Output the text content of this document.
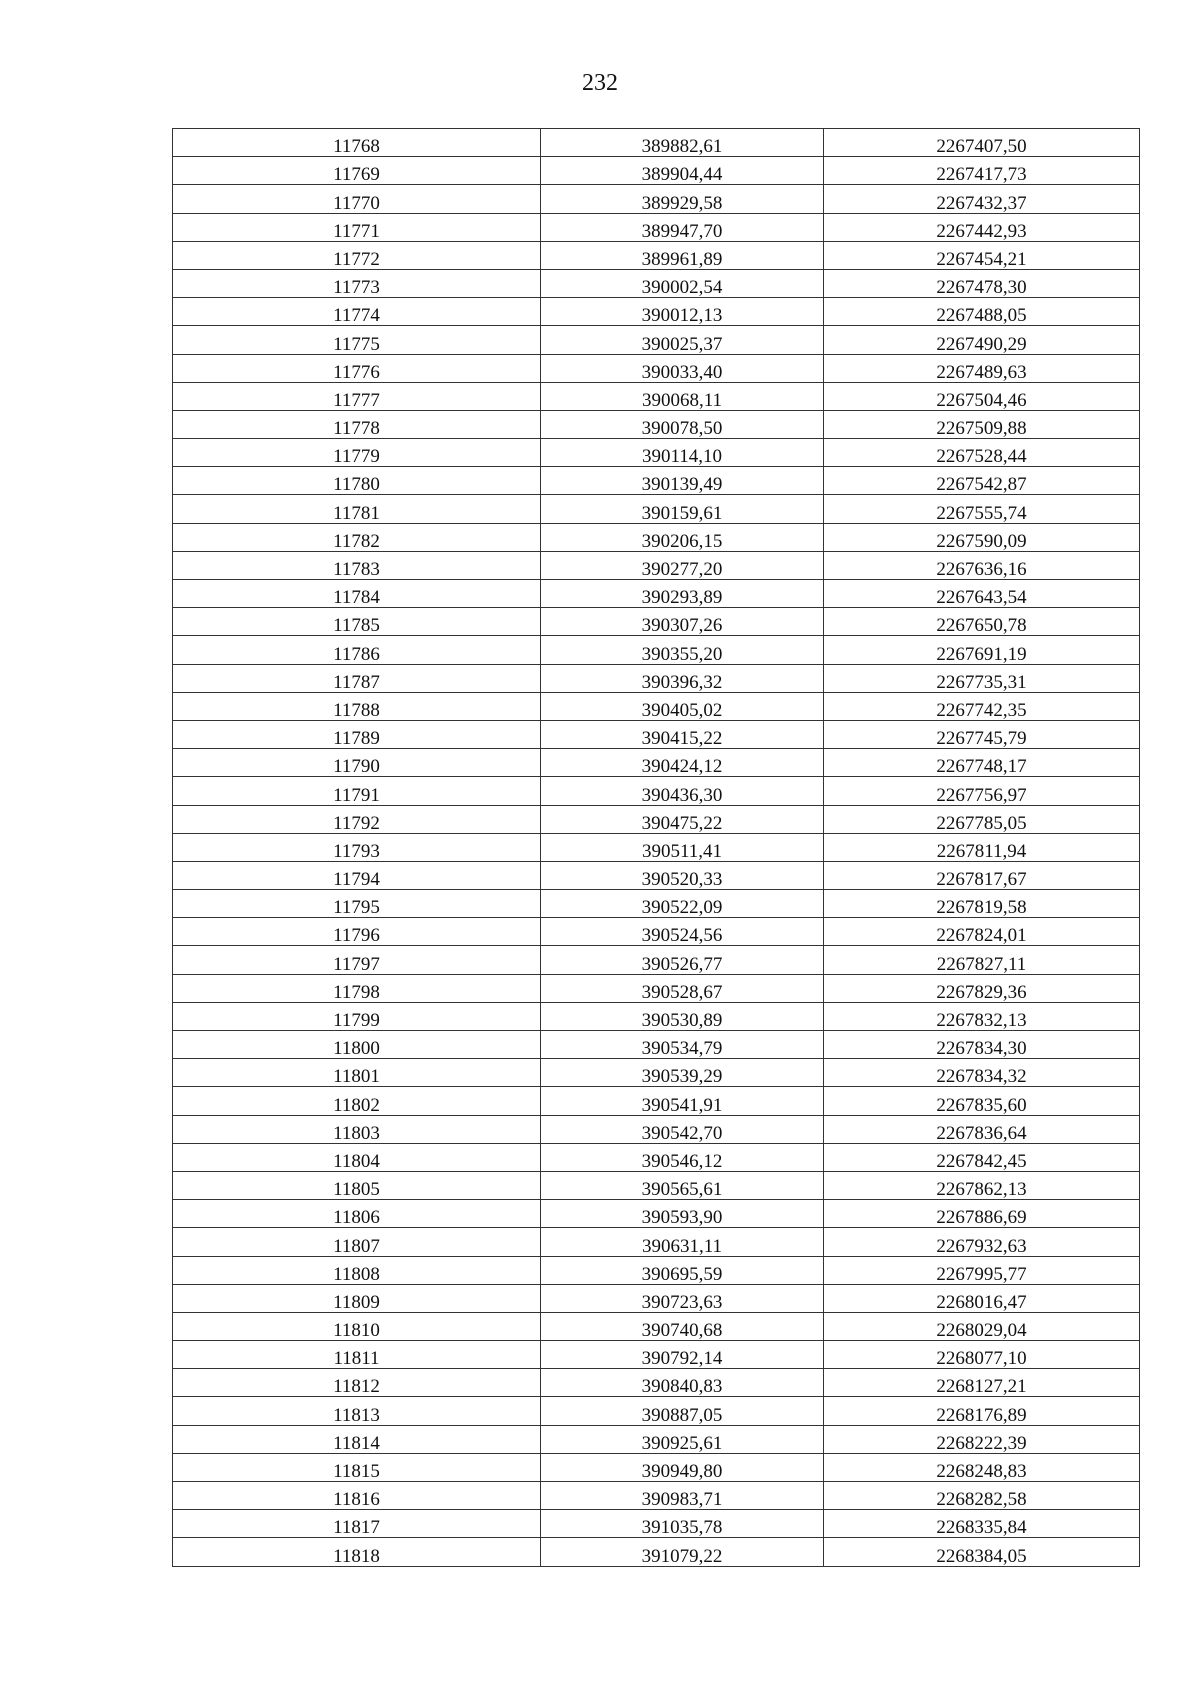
232
11768	389882,61	2267407,50
11769	389904,44	2267417,73
11770	389929,58	2267432,37
11771	389947,70	2267442,93
11772	389961,89	2267454,21
11773	390002,54	2267478,30
11774	390012,13	2267488,05
11775	390025,37	2267490,29
11776	390033,40	2267489,63
11777	390068,11	2267504,46
11778	390078,50	2267509,88
11779	390114,10	2267528,44
11780	390139,49	2267542,87
11781	390159,61	2267555,74
11782	390206,15	2267590,09
11783	390277,20	2267636,16
11784	390293,89	2267643,54
11785	390307,26	2267650,78
11786	390355,20	2267691,19
11787	390396,32	2267735,31
11788	390405,02	2267742,35
11789	390415,22	2267745,79
11790	390424,12	2267748,17
11791	390436,30	2267756,97
11792	390475,22	2267785,05
11793	390511,41	2267811,94
11794	390520,33	2267817,67
11795	390522,09	2267819,58
11796	390524,56	2267824,01
11797	390526,77	2267827,11
11798	390528,67	2267829,36
11799	390530,89	2267832,13
11800	390534,79	2267834,30
11801	390539,29	2267834,32
11802	390541,91	2267835,60
11803	390542,70	2267836,64
11804	390546,12	2267842,45
11805	390565,61	2267862,13
11806	390593,90	2267886,69
11807	390631,11	2267932,63
11808	390695,59	2267995,77
11809	390723,63	2268016,47
11810	390740,68	2268029,04
11811	390792,14	2268077,10
11812	390840,83	2268127,21
11813	390887,05	2268176,89
11814	390925,61	2268222,39
11815	390949,80	2268248,83
11816	390983,71	2268282,58
11817	391035,78	2268335,84
11818	391079,22	2268384,05
